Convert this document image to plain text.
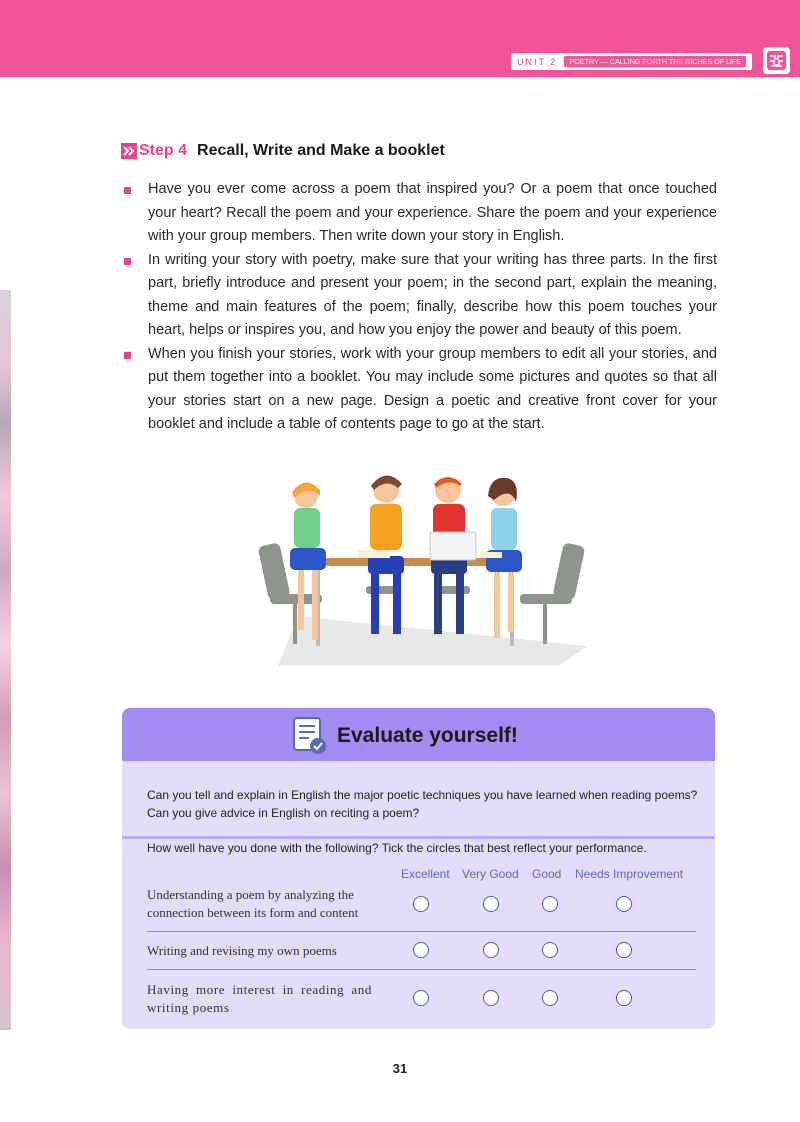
UNIT 2	POETRY — CALLING FORTH THE RICHES OF LIFE
Step 4 Recall, Write and Make a booklet
Have you ever come across a poem that inspired you? Or a poem that once touched your heart? Recall the poem and your experience. Share the poem and your experience with your group members. Then write down your story in English.
In writing your story with poetry, make sure that your writing has three parts. In the first part, briefly introduce and present your poem; in the second part, explain the meaning, theme and main features of the poem; finally, describe how this poem touches your heart, helps or inspires you, and how you enjoy the power and beauty of this poem.
When you finish your stories, work with your group members to edit all your stories, and put them together into a booklet. You may include some pictures and quotes so that all your stories start on a new page. Design a poetic and creative front cover for your booklet and include a table of contents page to go at the start.
Evaluate yourself!
Can you tell and explain in English the major poetic techniques you have learned when reading poems? Can you give advice in English on reciting a poem?
How well have you done with the following? Tick the circles that best reflect your performance.
Excellent Very Good Good Needs Improvement
Understanding a poem by analyzing the connection between its form and content
Writing and revising my own poems
Having more interest in reading and writing poems
31
